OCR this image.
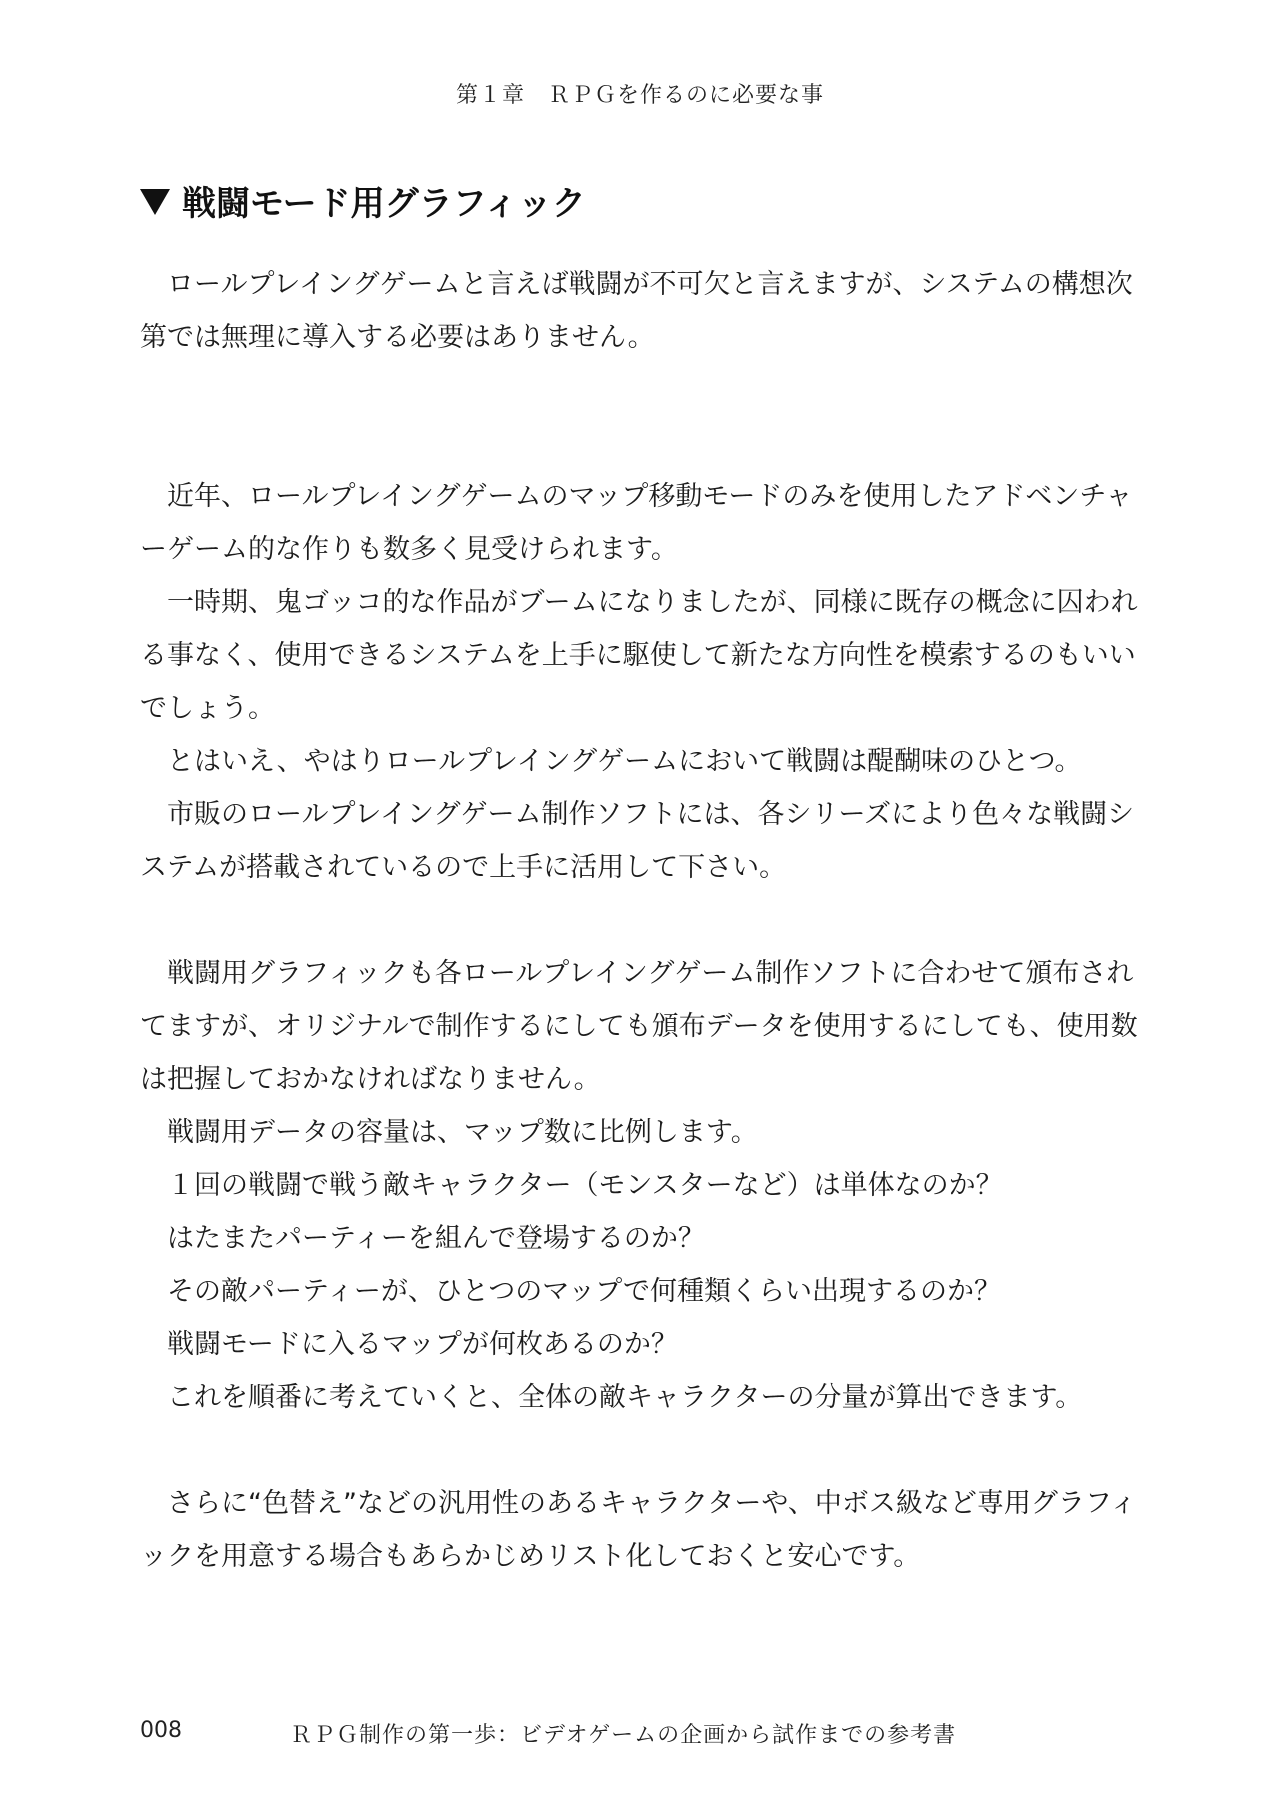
第１章　ＲＰＧを作るのに必要な事
戦闘モード用グラフィック

ロールプレイングゲームと言えば戦闘が不可欠と言えますが、システムの構想次第では無理に導入する必要はありません。

近年、ロールプレイングゲームのマップ移動モードのみを使用したアドベンチャーゲーム的な作りも数多く見受けられます。

一時期、鬼ゴッコ的な作品がブームになりましたが、同様に既存の概念に囚われる事なく、使用できるシステムを上手に駆使して新たな方向性を模索するのもいいでしょう。

とはいえ、やはりロールプレイングゲームにおいて戦闘は醍醐味のひとつ。

市販のロールプレイングゲーム制作ソフトには、各シリーズにより色々な戦闘システムが搭載されているので上手に活用して下さい。

戦闘用グラフィックも各ロールプレイングゲーム制作ソフトに合わせて頒布されてますが、オリジナルで制作するにしても頒布データを使用するにしても、使用数は把握しておかなければなりません。

戦闘用データの容量は、マップ数に比例します。

１回の戦闘で戦う敵キャラクター（モンスターなど）は単体なのか？

はたまたパーティーを組んで登場するのか？

その敵パーティーが、ひとつのマップで何種類くらい出現するのか？

戦闘モードに入るマップが何枚あるのか？

これを順番に考えていくと、全体の敵キャラクターの分量が算出できます。

さらに“色替え”などの汎用性のあるキャラクターや、中ボス級など専用グラフィックを用意する場合もあらかじめリスト化しておくと安心です。

008	ＲＰＧ制作の第一歩：ビデオゲームの企画から試作までの参考書
